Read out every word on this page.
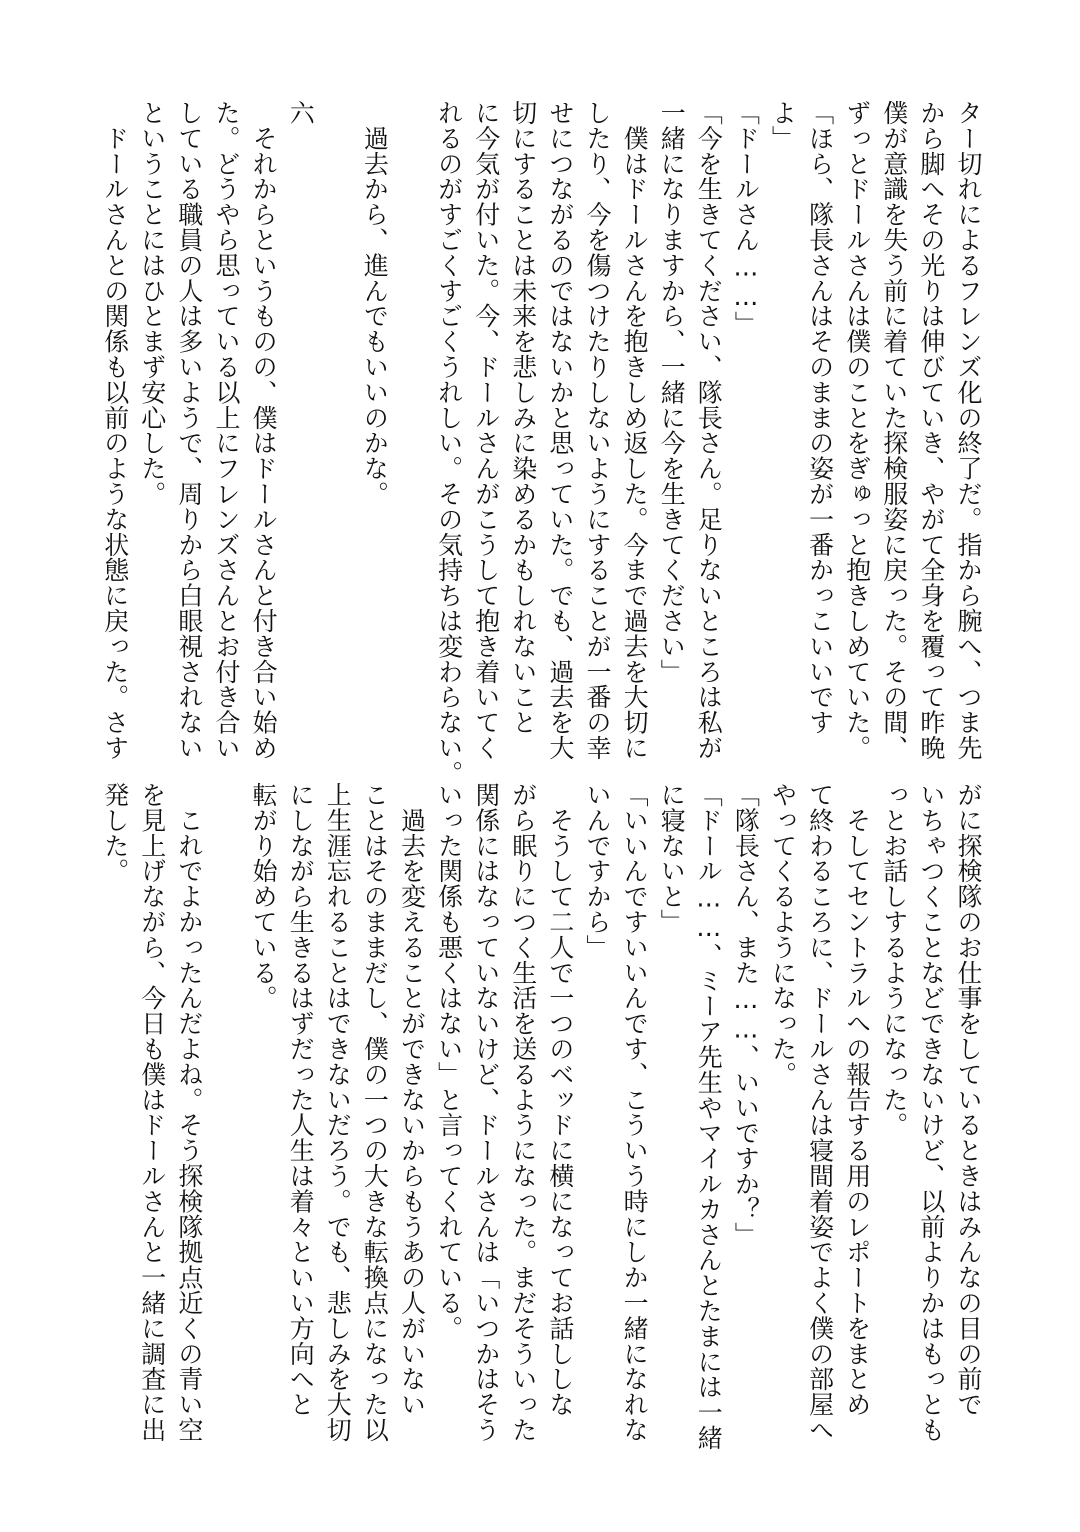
ター切れによるフレンズ化の終了だ。指から腕へ、つま先
から脚へその光りは伸びていき、やがて全身を覆って昨晩
僕が意識を失う前に着ていた探検服姿に戻った。その間、
ずっとドールさんは僕のことをぎゅっと抱きしめていた。
「ほら、隊長さんはそのままの姿が一番かっこいいです
よ」
「ドールさん……」
「今を生きてください、隊長さん。足りないところは私が
一緒になりますから、一緒に今を生きてください」
　僕はドールさんを抱きしめ返した。今まで過去を大切に
したり、今を傷つけたりしないようにすることが一番の幸
せにつながるのではないかと思っていた。でも、過去を大
切にすることは未来を悲しみに染めるかもしれないこと
に今気が付いた。今、ドールさんがこうして抱き着いてく
れるのがすごくすごくうれしい。その気持ちは変わらない。
　過去から、進んでもいいのかな。
六
　それからというものの、僕はドールさんと付き合い始め
た。どうやら思っている以上にフレンズさんとお付き合い
している職員の人は多いようで、周りから白眼視されない
ということにはひとまず安心した。
　ドールさんとの関係も以前のような状態に戻った。さす
がに探検隊のお仕事をしているときはみんなの目の前で
いちゃつくことなどできないけど、以前よりかはもっとも
っとお話しするようになった。
　そしてセントラルへの報告する用のレポートをまとめ
て終わるころに、ドールさんは寝間着姿でよく僕の部屋へ
やってくるようになった。
「隊長さん、また……、いいですか？」
「ドール……、ミーア先生やマイルカさんとたまには一緒
に寝ないと」
「いいんですいいんです、こういう時にしか一緒になれな
いんですから」
　そうして二人で一つのベッドに横になってお話ししな
がら眠りにつく生活を送るようになった。まだそういった
関係にはなっていないけど、ドールさんは「いつかはそう
いった関係も悪くはない」と言ってくれている。
　過去を変えることができないからもうあの人がいない
ことはそのままだし、僕の一つの大きな転換点になった以
上生涯忘れることはできないだろう。でも、悲しみを大切
にしながら生きるはずだった人生は着々といい方向へと
転がり始めている。
　これでよかったんだよね。そう探検隊拠点近くの青い空
を見上げながら、今日も僕はドールさんと一緒に調査に出
発した。
